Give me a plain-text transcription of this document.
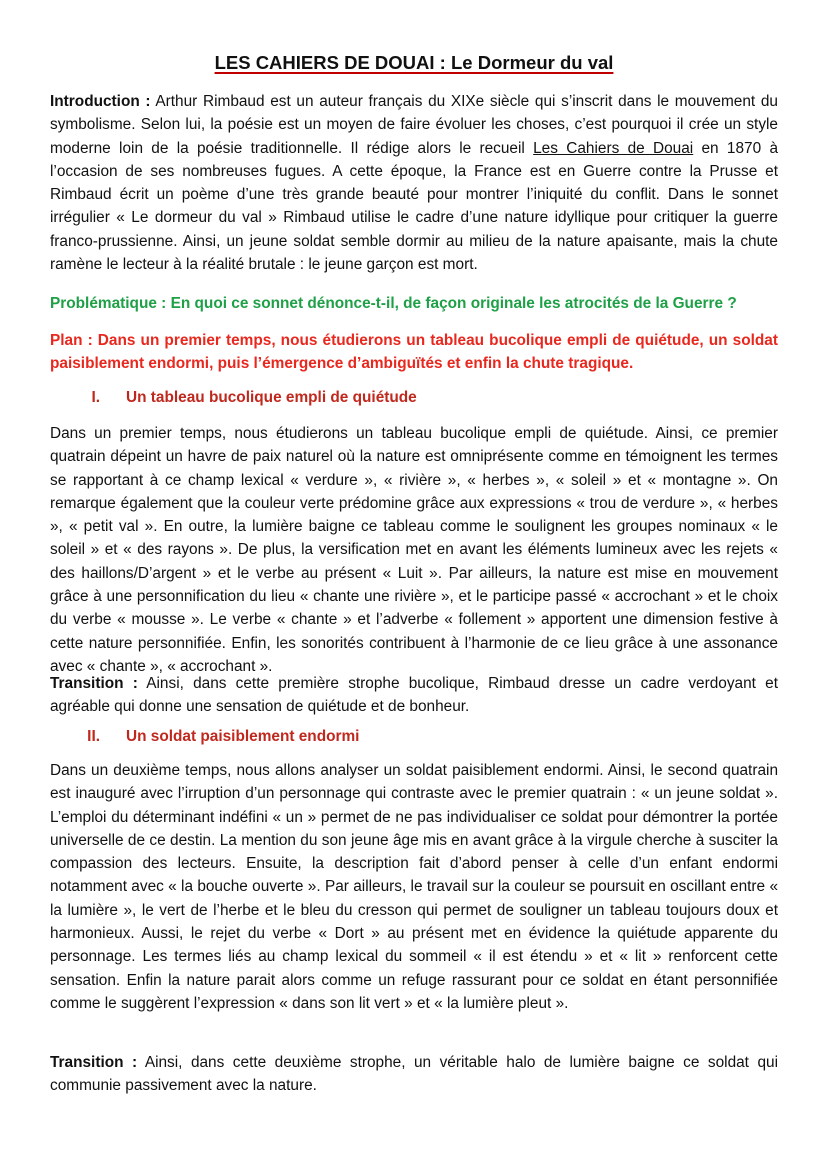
LES CAHIERS DE DOUAI : Le Dormeur du val
Introduction : Arthur Rimbaud est un auteur français du XIXe siècle qui s’inscrit dans le mouvement du symbolisme. Selon lui, la poésie est un moyen de faire évoluer les choses, c’est pourquoi il crée un style moderne loin de la poésie traditionnelle. Il rédige alors le recueil Les Cahiers de Douai en 1870 à l’occasion de ses nombreuses fugues. A cette époque, la France est en Guerre contre la Prusse et Rimbaud écrit un poème d’une très grande beauté pour montrer l’iniquité du conflit. Dans le sonnet irrégulier « Le dormeur du val » Rimbaud utilise le cadre d’une nature idyllique pour critiquer la guerre franco-prussienne. Ainsi, un jeune soldat semble dormir au milieu de la nature apaisante, mais la chute ramène le lecteur à la réalité brutale : le jeune garçon est mort.
Problématique : En quoi ce sonnet dénonce-t-il, de façon originale les atrocités de la Guerre ?
Plan : Dans un premier temps, nous étudierons un tableau bucolique empli de quiétude, un soldat paisiblement endormi, puis l’émergence d’ambiguïtés et enfin la chute tragique.
I. Un tableau bucolique empli de quiétude
Dans un premier temps, nous étudierons un tableau bucolique empli de quiétude. Ainsi, ce premier quatrain dépeint un havre de paix naturel où la nature est omniprésente comme en témoignent les termes se rapportant à ce champ lexical « verdure », « rivière », « herbes », « soleil » et « montagne ». On remarque également que la couleur verte prédomine grâce aux expressions « trou de verdure », « herbes », « petit val ». En outre, la lumière baigne ce tableau comme le soulignent les groupes nominaux « le soleil » et « des rayons ». De plus, la versification met en avant les éléments lumineux avec les rejets « des haillons/D’argent » et le verbe au présent « Luit ». Par ailleurs, la nature est mise en mouvement grâce à une personnification du lieu « chante une rivière », et le participe passé « accrochant » et le choix du verbe « mousse ». Le verbe « chante » et l’adverbe « follement » apportent une dimension festive à cette nature personnifiée. Enfin, les sonorités contribuent à l’harmonie de ce lieu grâce à une assonance avec « chante », « accrochant ».
Transition : Ainsi, dans cette première strophe bucolique, Rimbaud dresse un cadre verdoyant et agréable qui donne une sensation de quiétude et de bonheur.
II. Un soldat paisiblement endormi
Dans un deuxième temps, nous allons analyser un soldat paisiblement endormi. Ainsi, le second quatrain est inauguré avec l’irruption d’un personnage qui contraste avec le premier quatrain : « un jeune soldat ». L’emploi du déterminant indéfini « un » permet de ne pas individualiser ce soldat pour démontrer la portée universelle de ce destin. La mention du son jeune âge mis en avant grâce à la virgule cherche à susciter la compassion des lecteurs. Ensuite, la description fait d’abord penser à celle d’un enfant endormi notamment avec « la bouche ouverte ». Par ailleurs, le travail sur la couleur se poursuit en oscillant entre « la lumière », le vert de l’herbe et le bleu du cresson qui permet de souligner un tableau toujours doux et harmonieux. Aussi, le rejet du verbe « Dort » au présent met en évidence la quiétude apparente du personnage. Les termes liés au champ lexical du sommeil « il est étendu » et « lit » renforcent cette sensation. Enfin la nature parait alors comme un refuge rassurant pour ce soldat en étant personnifiée comme le suggèrent l’expression « dans son lit vert » et « la lumière pleut ».
Transition : Ainsi, dans cette deuxième strophe, un véritable halo de lumière baigne ce soldat qui communie passivement avec la nature.
